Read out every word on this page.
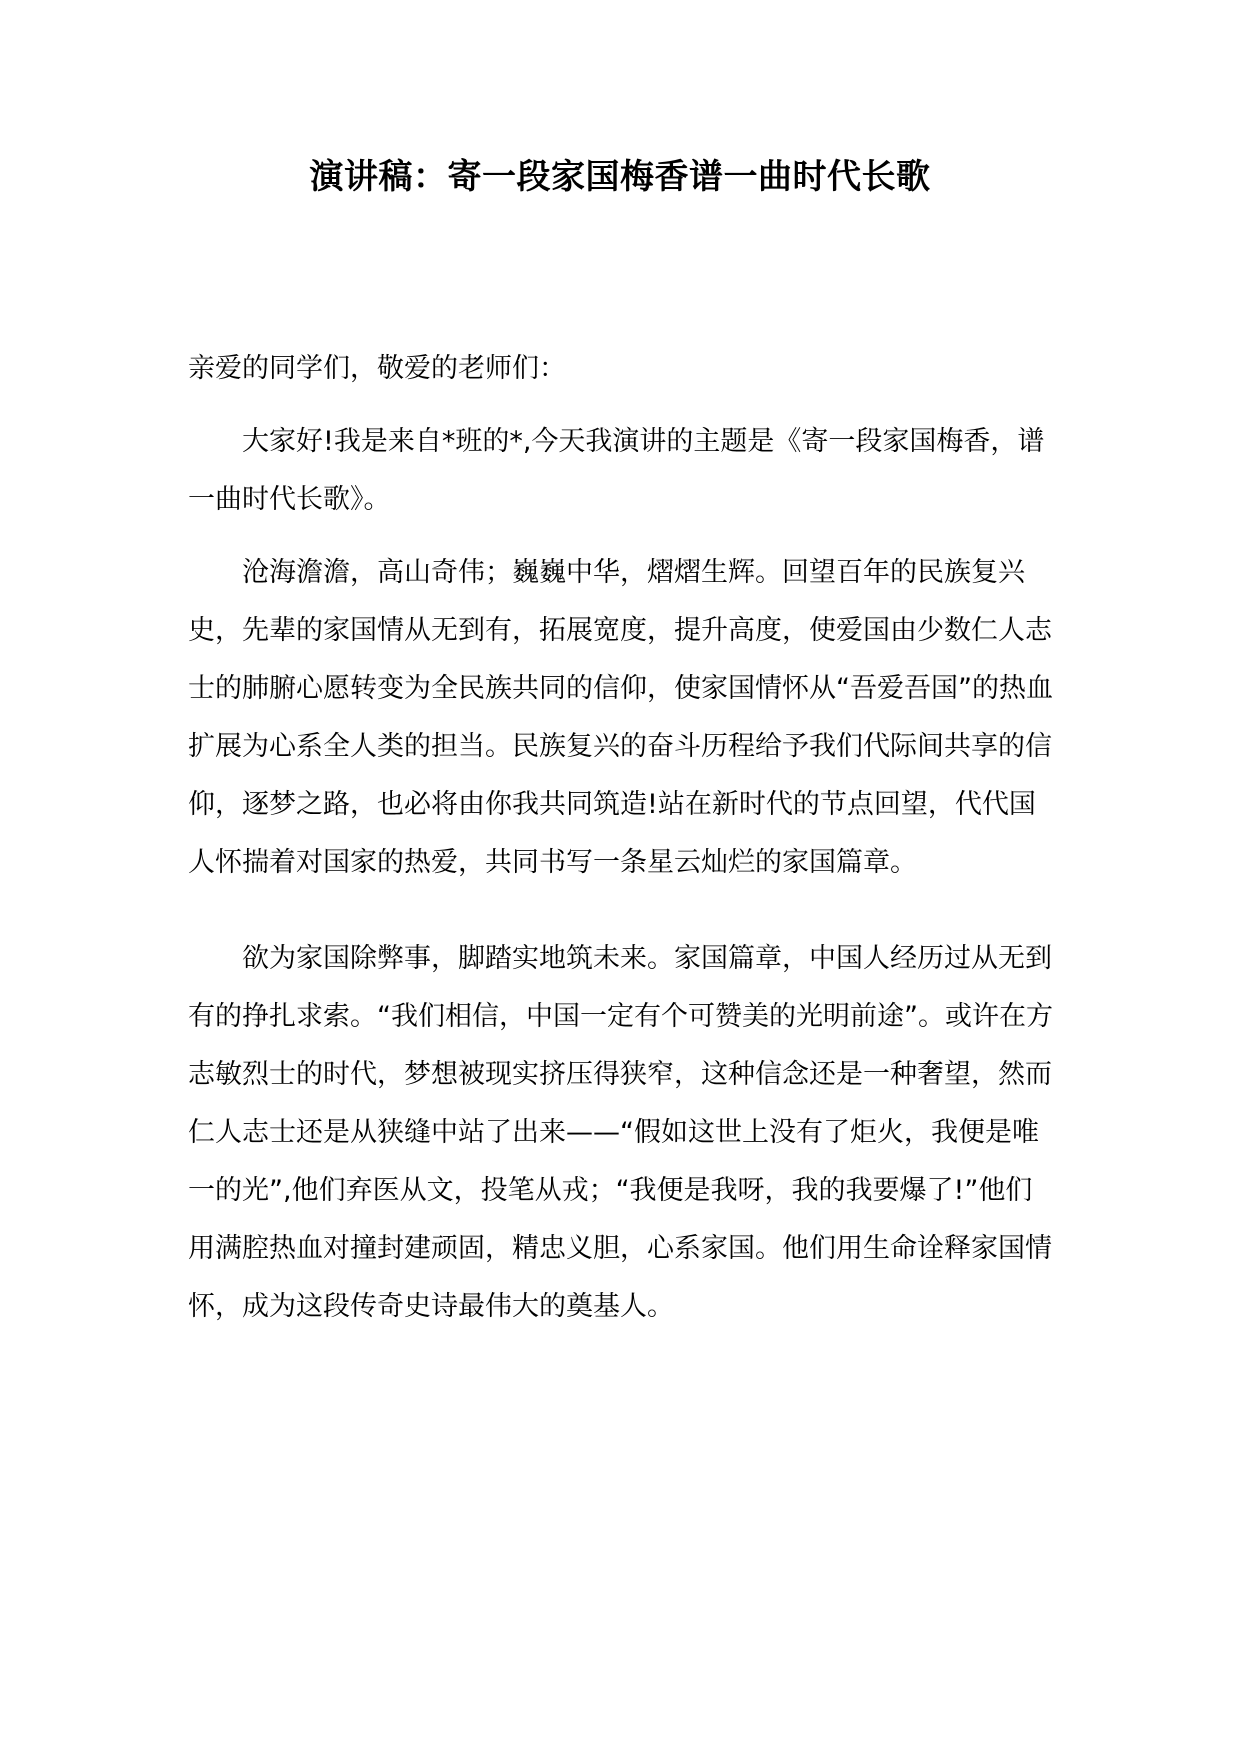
演讲稿：寄一段家国梅香谱一曲时代长歌

亲爱的同学们，敬爱的老师们：

大家好!我是来自*班的*,今天我演讲的主题是《寄一段家国梅香，谱一曲时代长歌》。

沧海澹澹，高山奇伟；巍巍中华，熠熠生辉。回望百年的民族复兴史，先辈的家国情从无到有，拓展宽度，提升高度，使爱国由少数仁人志士的肺腑心愿转变为全民族共同的信仰，使家国情怀从“吾爱吾国”的热血扩展为心系全人类的担当。民族复兴的奋斗历程给予我们代际间共享的信仰，逐梦之路，也必将由你我共同筑造!站在新时代的节点回望，代代国人怀揣着对国家的热爱，共同书写一条星云灿烂的家国篇章。

欲为家国除弊事，脚踏实地筑未来。家国篇章，中国人经历过从无到有的挣扎求索。“我们相信，中国一定有个可赞美的光明前途”。或许在方志敏烈士的时代，梦想被现实挤压得狭窄，这种信念还是一种奢望，然而仁人志士还是从狭缝中站了出来——“假如这世上没有了炬火，我便是唯一的光”,他们弃医从文，投笔从戎；“我便是我呀，我的我要爆了!”他们用满腔热血对撞封建顽固，精忠义胆，心系家国。他们用生命诠释家国情怀，成为这段传奇史诗最伟大的奠基人。
